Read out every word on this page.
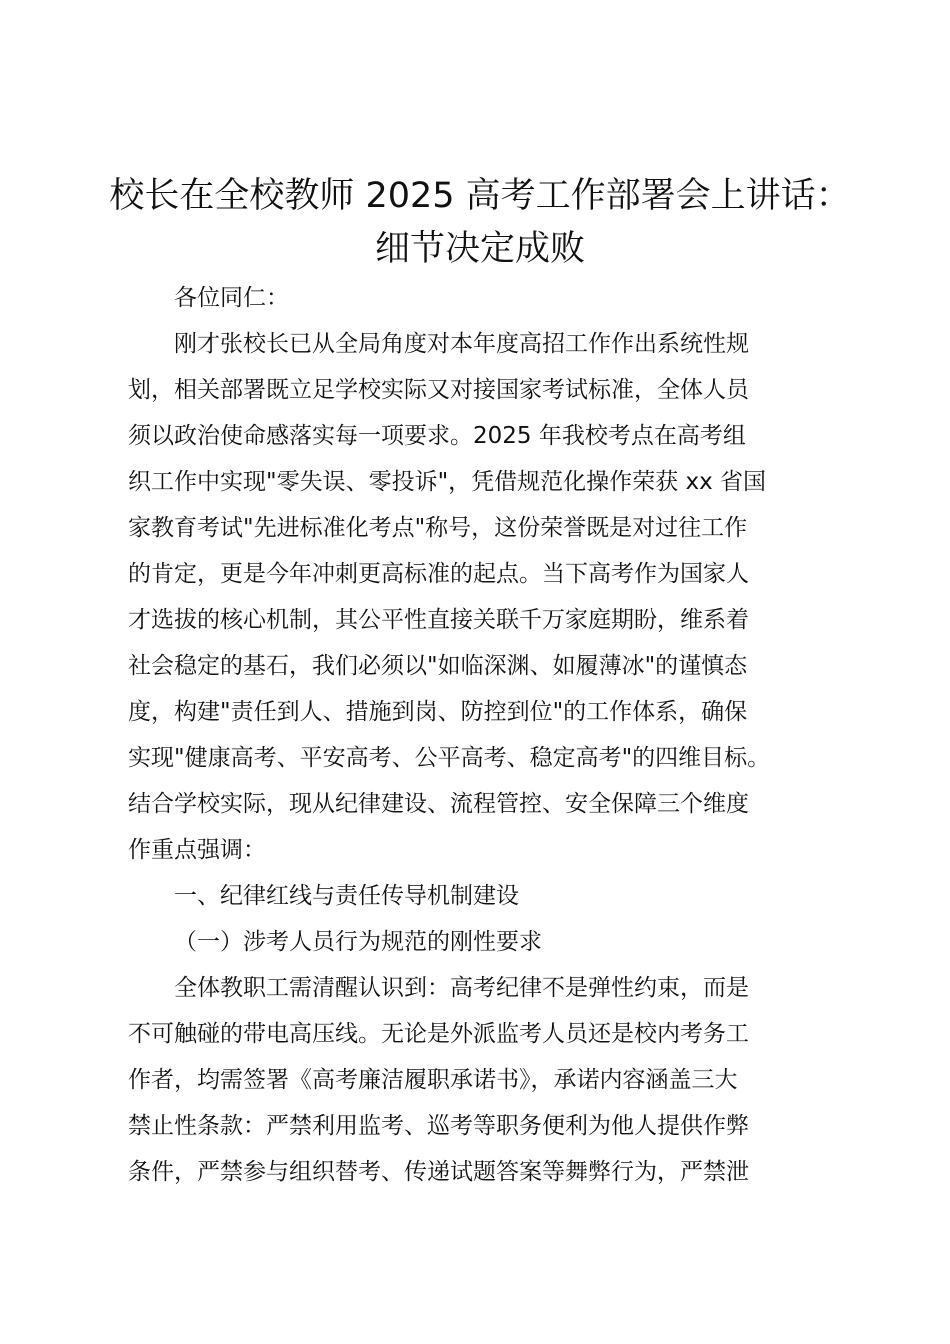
校长在全校教师 2025 高考工作部署会上讲话：
细节决定成败

各位同仁：

刚才张校长已从全局角度对本年度高招工作作出系统性规
划，相关部署既立足学校实际又对接国家考试标准，全体人员
须以政治使命感落实每一项要求。2025 年我校考点在高考组
织工作中实现"零失误、零投诉"，凭借规范化操作荣获 xx 省国
家教育考试"先进标准化考点"称号，这份荣誉既是对过往工作
的肯定，更是今年冲刺更高标准的起点。当下高考作为国家人
才选拔的核心机制，其公平性直接关联千万家庭期盼，维系着
社会稳定的基石，我们必须以"如临深渊、如履薄冰"的谨慎态
度，构建"责任到人、措施到岗、防控到位"的工作体系，确保
实现"健康高考、平安高考、公平高考、稳定高考"的四维目标。
结合学校实际，现从纪律建设、流程管控、安全保障三个维度
作重点强调：

一、纪律红线与责任传导机制建设

（一）涉考人员行为规范的刚性要求

全体教职工需清醒认识到：高考纪律不是弹性约束，而是
不可触碰的带电高压线。无论是外派监考人员还是校内考务工
作者，均需签署《高考廉洁履职承诺书》，承诺内容涵盖三大
禁止性条款：严禁利用监考、巡考等职务便利为他人提供作弊
条件，严禁参与组织替考、传递试题答案等舞弊行为，严禁泄
